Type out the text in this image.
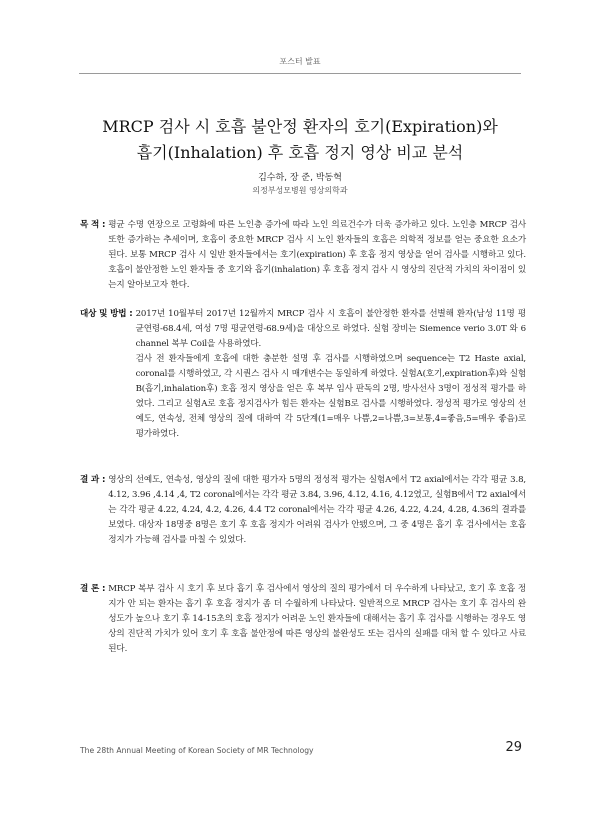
포스터 발표
MRCP 검사 시 호흡 불안정 환자의 호기(Expiration)와
흡기(Inhalation) 후 호흡 정지 영상 비교 분석
김수하, 장 준, 박동혁
의정부성모병원 영상의학과
목 적 : 평균 수명 연장으로 고령화에 따른 노인층 증가에 따라 노인 의료건수가 더욱 증가하고 있다. 노인층 MRCP 검사 또한 증가하는 추세이며, 호흡이 중요한 MRCP 검사 시 노인 환자들의 호흡은 의학적 정보를 얻는 중요한 요소가 된다. 보통 MRCP 검사 시 일반 환자들에서는 호기(expiration) 후 호흡 정지 영상을 얻어 검사를 시행하고 있다. 호흡이 불안정한 노인 환자들 중 호기와 흡기(inhalation) 후 호흡 정지 검사 시 영상의 진단적 가치의 차이점이 있는지 알아보고자 한다.

대상 및 방법 : 2017년 10월부터 2017년 12월까지 MRCP 검사 시 호흡이 불안정한 환자를 선별해 환자(남성 11명 평균연령-68.4세, 여성 7명 평균연령-68.9세)을 대상으로 하였다. 실험 장비는 Siemence verio 3.0T 와 6 channel 복부 Coil을 사용하였다.

검사 전 환자들에게 호흡에 대한 충분한 설명 후 검사를 시행하였으며 sequence는 T2 Haste axial, coronal를 시행하였고, 각 시퀀스 검사 시 매개변수는 동일하게 하였다. 실험A(호기,expiration후)와 실험B(흡기,inhalation후) 호흡 정지 영상을 얻은 후 복부 임사 판독의 2명, 방사선사 3명이 정성적 평가를 하였다. 그리고 실험A로 호흡 정지검사가 힘든 환자는 실험B로 검사를 시행하였다. 정성적 평가로 영상의 선예도, 연속성, 전체 영상의 질에 대하여 각 5단계(1=매우 나쁨,2=나쁨,3=보통,4=좋음,5=매우 좋음)로 평가하였다.

결 과 : 영상의 선예도, 연속성, 영상의 질에 대한 평가자 5명의 정성적 평가는 실험A에서 T2 axial에서는 각각 평균 3.8, 4.12, 3.96 ,4.14 ,4, T2 coronal에서는 각각 평균 3.84, 3.96, 4.12, 4.16, 4.12였고, 실험B에서 T2 axial에서는 각각 평균 4.22, 4.24, 4.2, 4.26, 4.4 T2 coronal에서는 각각 평균 4.26, 4.22, 4.24, 4.28, 4.36의 결과를 보였다. 대상자 18명중 8명은 호기 후 호흡 정지가 어려워 검사가 안됐으며, 그 중 4명은 흡기 후 검사에서는 호흡 정지가 가능해 검사를 마칠 수 있었다.

결 론 : MRCP 복부 검사 시 호기 후 보다 흡기 후 검사에서 영상의 질의 평가에서 더 우수하게 나타났고, 호기 후 호흡 정지가 안 되는 환자는 흡기 후 호흡 정지가 좀 더 수월하게 나타났다. 일반적으로 MRCP 검사는 호기 후 검사의 완성도가 높으나 호기 후 14-15초의 호흡 정지가 어려운 노인 환자들에 대해서는 흡기 후 검사를 시행하는 경우도 영상의 진단적 가치가 있어 호기 후 호흡 불안정에 따른 영상의 불완성도 또는 검사의 실패를 대처 할 수 있다고 사료된다.

The 28th Annual Meeting of Korean Society of MR Technology	29
